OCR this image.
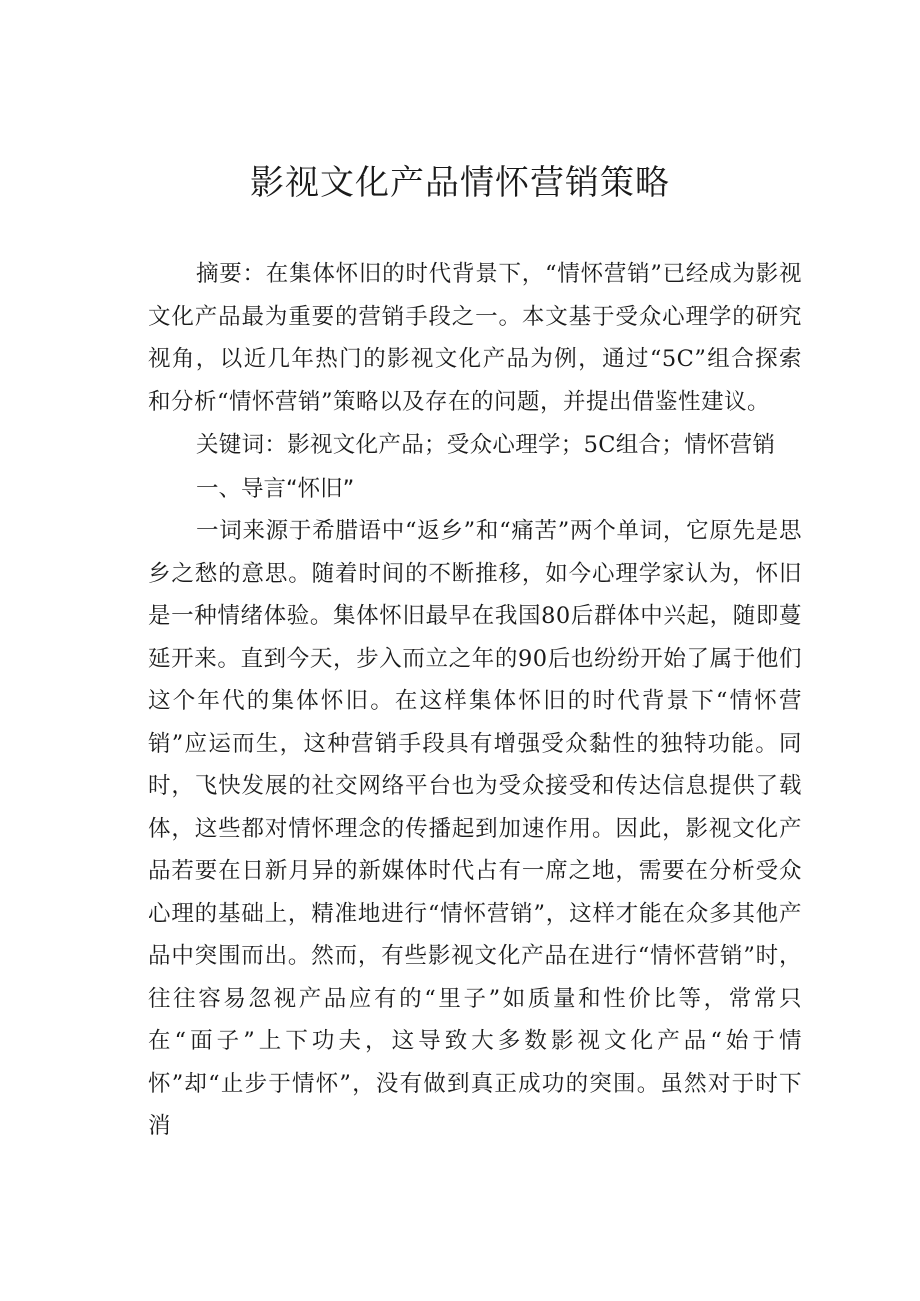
影视文化产品情怀营销策略

摘要：在集体怀旧的时代背景下，“情怀营销”已经成为影视文化产品最为重要的营销手段之一。本文基于受众心理学的研究视角，以近几年热门的影视文化产品为例，通过“5C”组合探索和分析“情怀营销”策略以及存在的问题，并提出借鉴性建议。

关键词：影视文化产品；受众心理学；5C组合；情怀营销

一、导言“怀旧”

一词来源于希腊语中“返乡”和“痛苦”两个单词，它原先是思乡之愁的意思。随着时间的不断推移，如今心理学家认为，怀旧是一种情绪体验。集体怀旧最早在我国80后群体中兴起，随即蔓延开来。直到今天，步入而立之年的90后也纷纷开始了属于他们这个年代的集体怀旧。在这样集体怀旧的时代背景下“情怀营销”应运而生，这种营销手段具有增强受众黏性的独特功能。同时，飞快发展的社交网络平台也为受众接受和传达信息提供了载体，这些都对情怀理念的传播起到加速作用。因此，影视文化产品若要在日新月异的新媒体时代占有一席之地，需要在分析受众心理的基础上，精准地进行“情怀营销”，这样才能在众多其他产品中突围而出。然而，有些影视文化产品在进行“情怀营销”时，往往容易忽视产品应有的“里子”如质量和性价比等，常常只在“面子”上下功夫，这导致大多数影视文化产品“始于情怀”却“止步于情怀”，没有做到真正成功的突围。虽然对于时下消
